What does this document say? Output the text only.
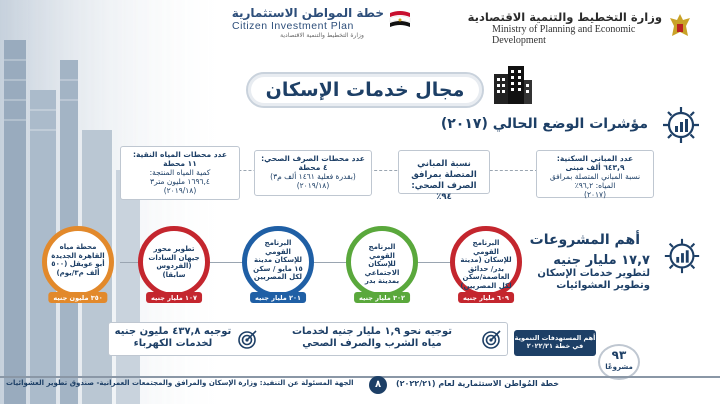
وزارة التخطيط والتنمية الاقتصادية
Ministry of Planning and Economic
Development
خطة المواطن الاستثمارية
Citizen Investment Plan
وزارة التخطيط والتنمية الاقتصادية
مجال خدمات الإسكان
مؤشرات الوضع الحالي (٢٠١٧)
عدد المباني السكنية:
٦٤٣,٩ ألف مبنى
نسبة المباني المتصلة بمرافق المياه: ٩٦,٢٪
(٢٠١٧)
نسبة المباني المتصلة بمرافق
الصرف الصحي: ٩٤٪
عدد محطات الصرف الصحي:
٤ محطة
(بقدرة فعلية ١٤٦١ ألف م٣)
(٢٠١٩/١٨)
عدد محطات المياه النقية:
١١ محطة
كمية المياه المنتجة:
١٦٩٦,٤ مليون متر٣
(٢٠١٩/١٨)
أهم المشروعات
١٧,٧ مليار جنيه
لتطوير خدمات الإسكان
وتطوير العشوائيات
البرنامج القومي للإسكان (مدينة بدر/ حدائق العاصمة/سكن لكل المصريين)
٦٠٩ مليار جنيه
البرنامج القومي للإسكان الاجتماعي بمدينة بدر
٣٠٢ مليار جنيه
البرنامج القومي للإسكان مدينة ١٥ مايو / سكن لكل المصريين
٢٠١ مليار جنيه
تطوير محور جيهان السادات (الفردوس سابقا)
١٠٧ مليار جنيه
محطة مياه القاهرة الجديدة أبو عويقل (٥٠٠ ألف م٣/يوم)
٣٥٠ مليون جنيه
أهم المستهدفات التنموية
في خطة ٢٠٢٢/٢١
توجيه نحو ١,٩ مليار جنيه لخدمات
مياه الشرب والصرف الصحي
توجيه ٤٣٧,٨ مليون جنيه
لخدمات الكهرباء
٩٣
مشروعًا
الجهة المسئولة عن التنفيذ: وزارة الإسكان والمرافق والمجتمعات العمرانية- صندوق تطوير العشوائيات	٨	خطة المُواطن الاستثمارية لعام (٢٠٢٢/٢١)
